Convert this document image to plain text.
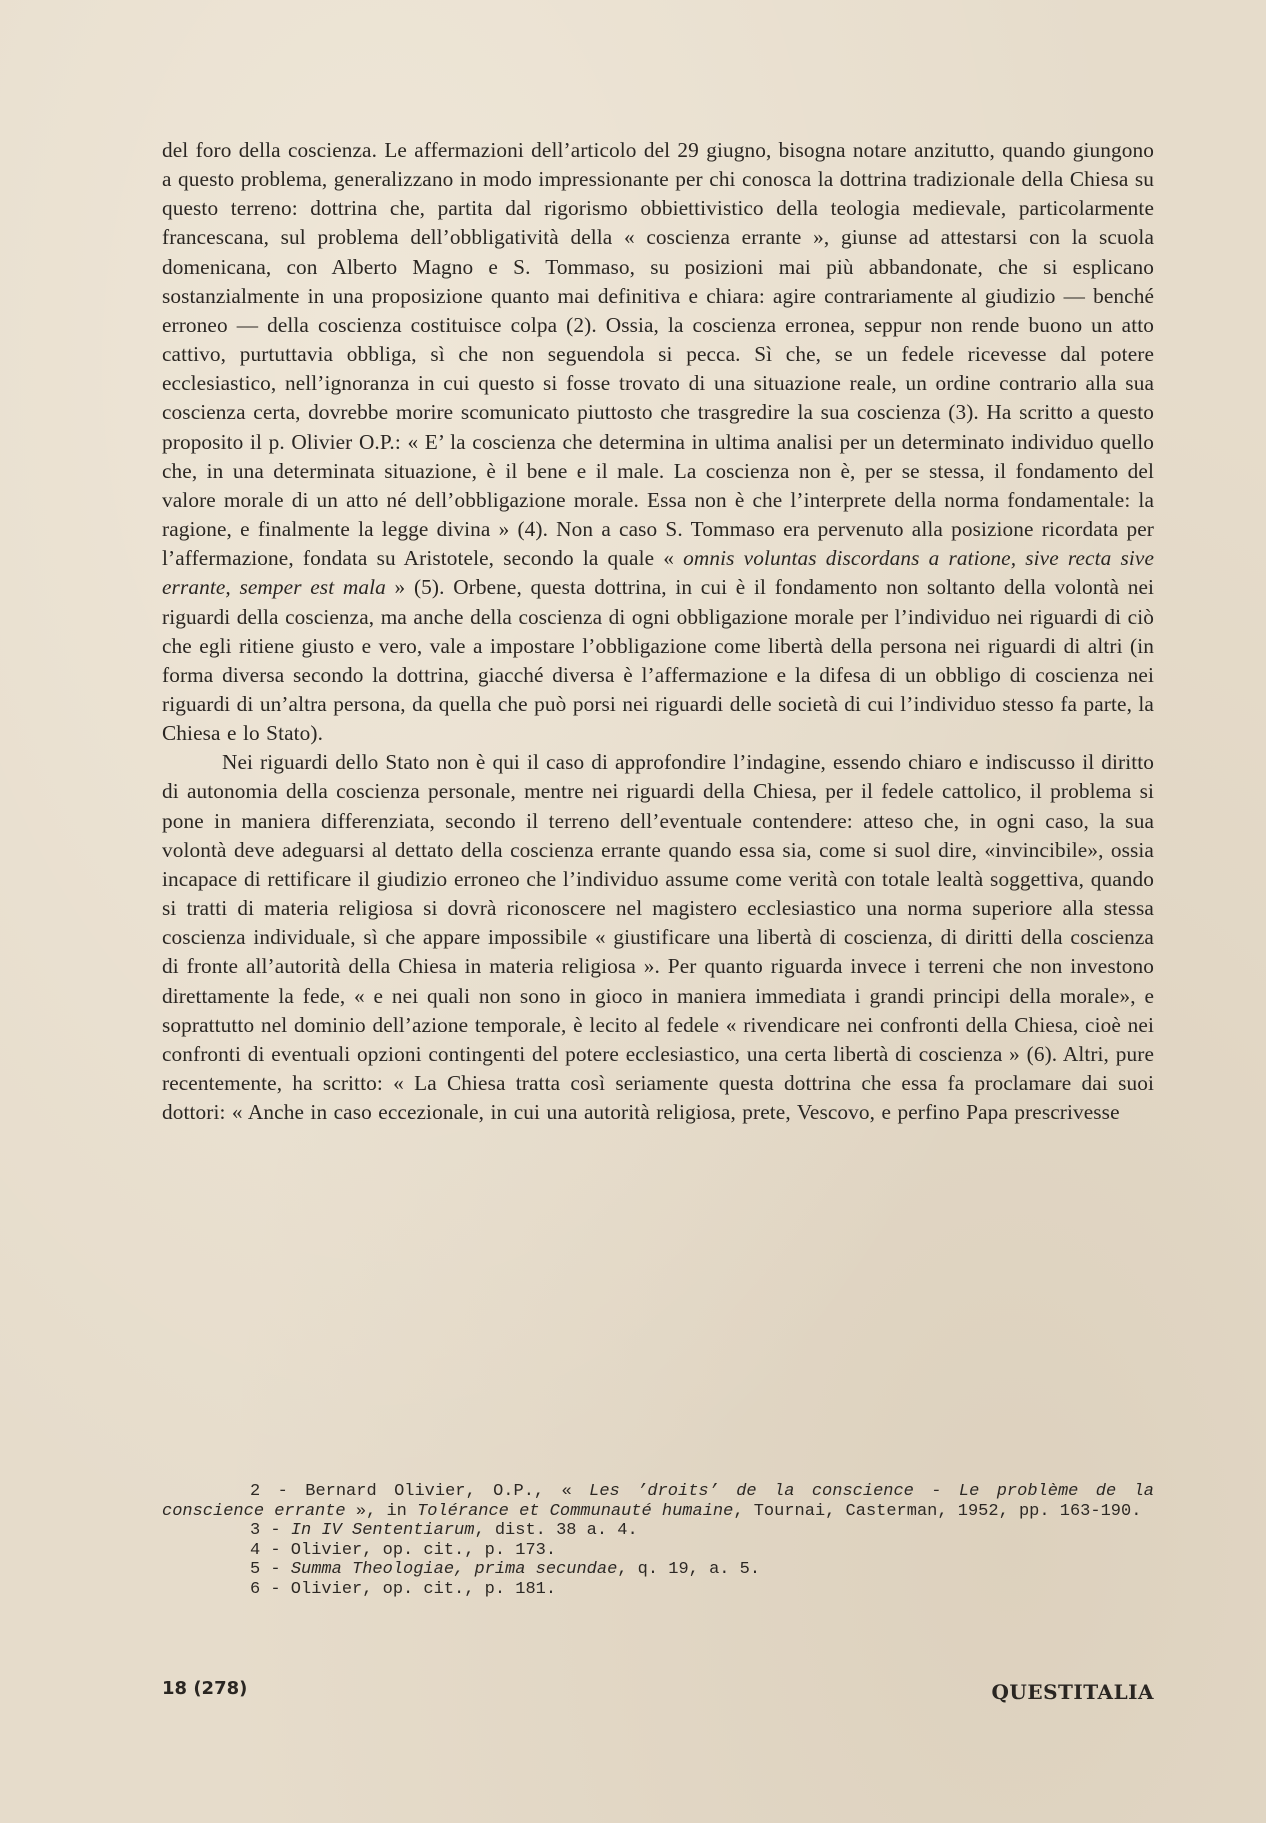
del foro della coscienza. Le affermazioni dell’articolo del 29 giugno, bisogna notare anzitutto, quando giungono a questo problema, generalizzano in modo impressionante per chi conosca la dottrina tradizionale della Chiesa su questo terreno: dottrina che, partita dal rigorismo obbiettivistico della teologia medievale, particolarmente francescana, sul problema dell’obbligatività della « coscienza errante », giunse ad attestarsi con la scuola domenicana, con Alberto Magno e S. Tommaso, su posizioni mai più abbandonate, che si esplicano sostanzialmente in una proposizione quanto mai definitiva e chiara: agire contrariamente al giudizio — benché erroneo — della coscienza costituisce colpa (2). Ossia, la coscienza erronea, seppur non rende buono un atto cattivo, purtuttavia obbliga, sì che non seguendola si pecca. Sì che, se un fedele ricevesse dal potere ecclesiastico, nell’ignoranza in cui questo si fosse trovato di una situazione reale, un ordine contrario alla sua coscienza certa, dovrebbe morire scomunicato piuttosto che trasgredire la sua coscienza (3). Ha scritto a questo proposito il p. Olivier O.P.: « E’ la coscienza che determina in ultima analisi per un determinato individuo quello che, in una determinata situazione, è il bene e il male. La coscienza non è, per se stessa, il fondamento del valore morale di un atto né dell’obbligazione morale. Essa non è che l’interprete della norma fondamentale: la ragione, e finalmente la legge divina » (4). Non a caso S. Tommaso era pervenuto alla posizione ricordata per l’affermazione, fondata su Aristotele, secondo la quale « omnis voluntas discordans a ratione, sive recta sive errante, semper est mala » (5). Orbene, questa dottrina, in cui è il fondamento non soltanto della volontà nei riguardi della coscienza, ma anche della coscienza di ogni obbligazione morale per l’individuo nei riguardi di ciò che egli ritiene giusto e vero, vale a impostare l’obbligazione come libertà della persona nei riguardi di altri (in forma diversa secondo la dottrina, giacché diversa è l’affermazione e la difesa di un obbligo di coscienza nei riguardi di un’altra persona, da quella che può porsi nei riguardi delle società di cui l’individuo stesso fa parte, la Chiesa e lo Stato).

Nei riguardi dello Stato non è qui il caso di approfondire l’indagine, essendo chiaro e indiscusso il diritto di autonomia della coscienza personale, mentre nei riguardi della Chiesa, per il fedele cattolico, il problema si pone in maniera differenziata, secondo il terreno dell’eventuale contendere: atteso che, in ogni caso, la sua volontà deve adeguarsi al dettato della coscienza errante quando essa sia, come si suol dire, «invincibile», ossia incapace di rettificare il giudizio erroneo che l’individuo assume come verità con totale lealtà soggettiva, quando si tratti di materia religiosa si dovrà riconoscere nel magistero ecclesiastico una norma superiore alla stessa coscienza individuale, sì che appare impossibile « giustificare una libertà di coscienza, di diritti della coscienza di fronte all’autorità della Chiesa in materia religiosa ». Per quanto riguarda invece i terreni che non investono direttamente la fede, « e nei quali non sono in gioco in maniera immediata i grandi principi della morale», e soprattutto nel dominio dell’azione temporale, è lecito al fedele « rivendicare nei confronti della Chiesa, cioè nei confronti di eventuali opzioni contingenti del potere ecclesiastico, una certa libertà di coscienza » (6). Altri, pure recentemente, ha scritto: « La Chiesa tratta così seriamente questa dottrina che essa fa proclamare dai suoi dottori: « Anche in caso eccezionale, in cui una autorità religiosa, prete, Vescovo, e perfino Papa prescrivesse

2 - Bernard Olivier, O.P., « Les ’droits’ de la conscience - Le problème de la conscience errante », in Tolérance et Communauté humaine, Tournai, Casterman, 1952, pp. 163-190.

3 - In IV Sententiarum, dist. 38 a. 4.

4 - Olivier, op. cit., p. 173.

5 - Summa Theologiae, prima secundae, q. 19, a. 5.

6 - Olivier, op. cit., p. 181.

18 (278)	QUESTITALIA
